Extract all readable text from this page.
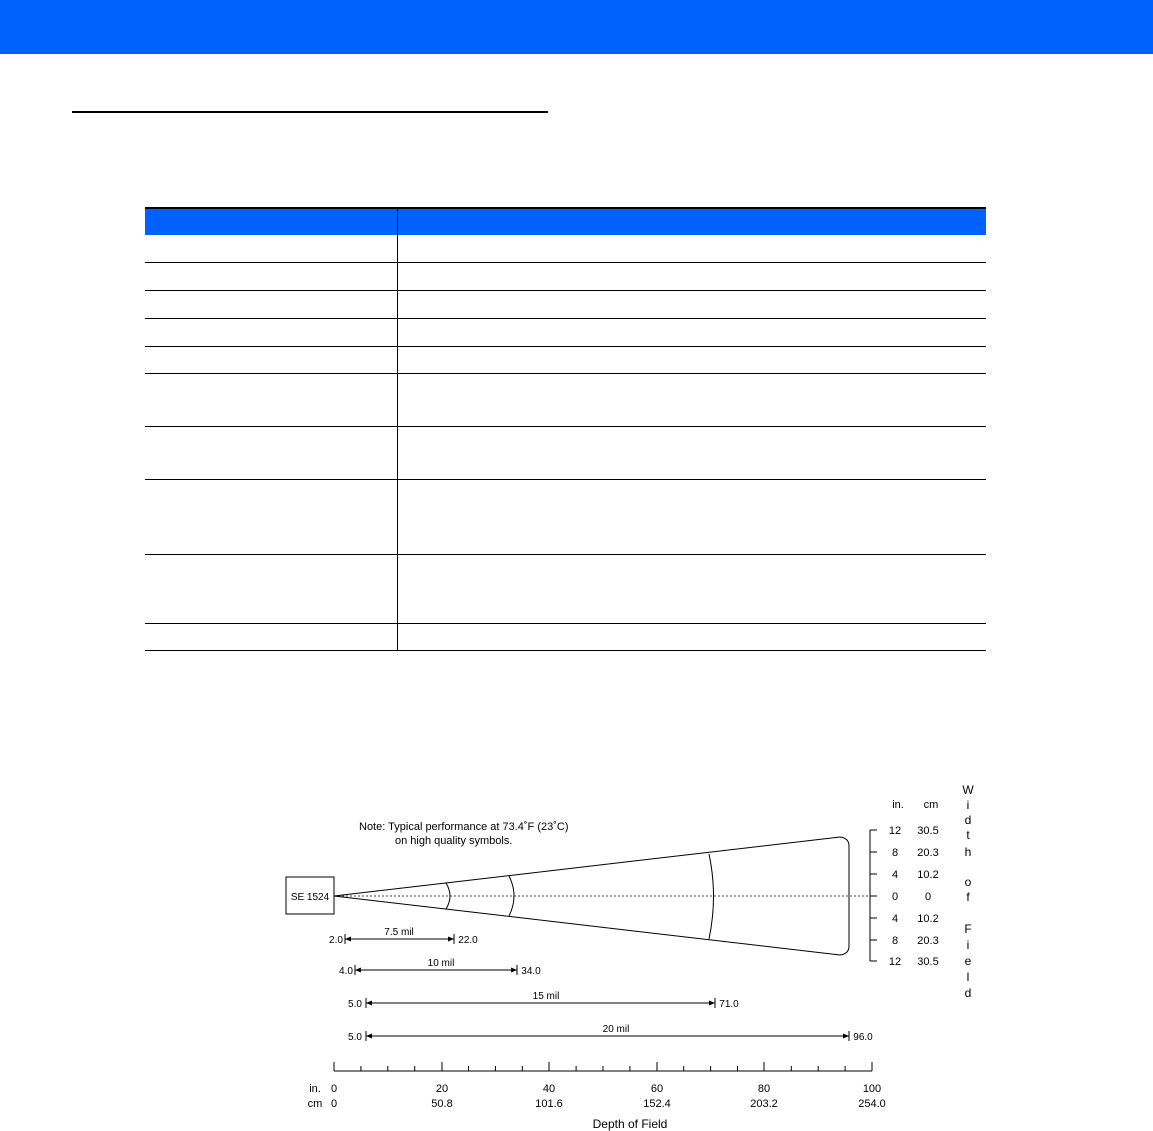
SE 1524
Note: Typical performance at 73.4˚F (23˚C)
on high quality symbols.
in. cm
12 30.5
8 20.3
4 10.2
0 0
4 10.2
8 20.3
12 30.5
W
i
d
t
h
o
f
F
i
e
l
d
7.5 mil
2.0	22.0
10 mil
4.0	34.0
15 mil
5.0	71.0
20 mil
5.0	96.0
in.
cm
0
0
20
50.8
40
101.6
60
152.4
80
203.2
100
254.0
Depth of Field
